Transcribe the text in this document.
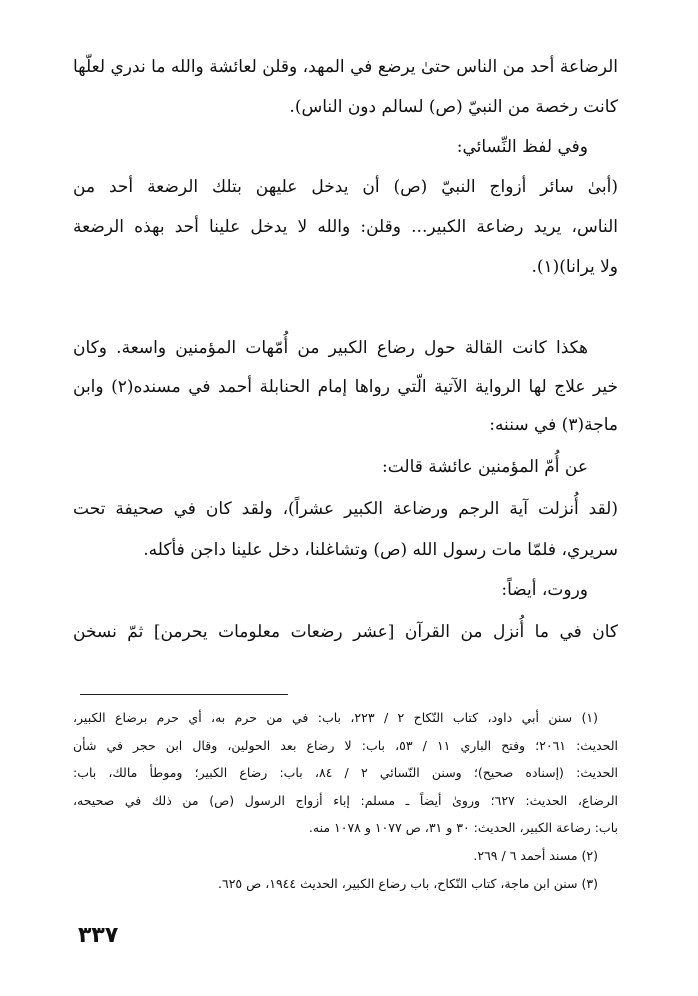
الرضاعة أحد من الناس حتىٰ يرضع في المهد، وقلن لعائشة والله ما ندري لعلّها
كانت رخصة من النبيّ (ص) لسالم دون الناس).
وفي لفظ النِّسائي:
(أبىٰ سائر أزواج النبيّ (ص) أن يدخل عليهن بتلك الرضعة أحد من
الناس، يريد رضاعة الكبير... وقلن: والله لا يدخل علينا أحد بهذه الرضعة
ولا يرانا)(١).
هكذا كانت القالة حول رضاع الكبير من أُمّهات المؤمنين واسعة. وكان
خير علاج لها الرواية الآتية الّتي رواها إمام الحنابلة أحمد في مسنده(٢) وابن
ماجة(٣) في سننه:
عن أُمّ المؤمنين عائشة قالت:
(لقد أُنزلت آية الرجم ورضاعة الكبير عشراً)، ولقد كان في صحيفة تحت
سريري، فلمّا مات رسول الله (ص) وتشاغلنا، دخل علينا داجن فأكله.
وروت، أيضاً:
كان في ما أُنزل من القرآن [عشر رضعات معلومات يحرمن] ثمّ نسخن
(١) سنن أبي داود، كتاب النّكاح ٢ / ٢٢٣، باب: في من حرم به، أي حرم برضاع الكبير،
الحديث: ٢٠٦١؛ وفتح الباري ١١ / ٥٣، باب: لا رضاع بعد الحولين، وقال ابن حجر في شأن
الحديث: (إسناده صحيح)؛ وسنن النّسائي ٢ / ٨٤، باب: رضاع الكبير؛ وموطأ مالك، باب:
الرضاع، الحديث: ٦٢٧؛ وروىٰ أيضاً ـ مسلم: إباء أزواج الرسول (ص) من ذلك في صحيحه،
باب: رضاعة الكبير، الحديث: ٣٠ و ٣١، ص ١٠٧٧ و ١٠٧٨ منه.
(٢) مسند أحمد ٦ / ٢٦٩.
(٣) سنن ابن ماجة، كتاب النّكاح، باب رضاع الكبير، الحديث ١٩٤٤، ص ٦٢٥.
٣٣٧
